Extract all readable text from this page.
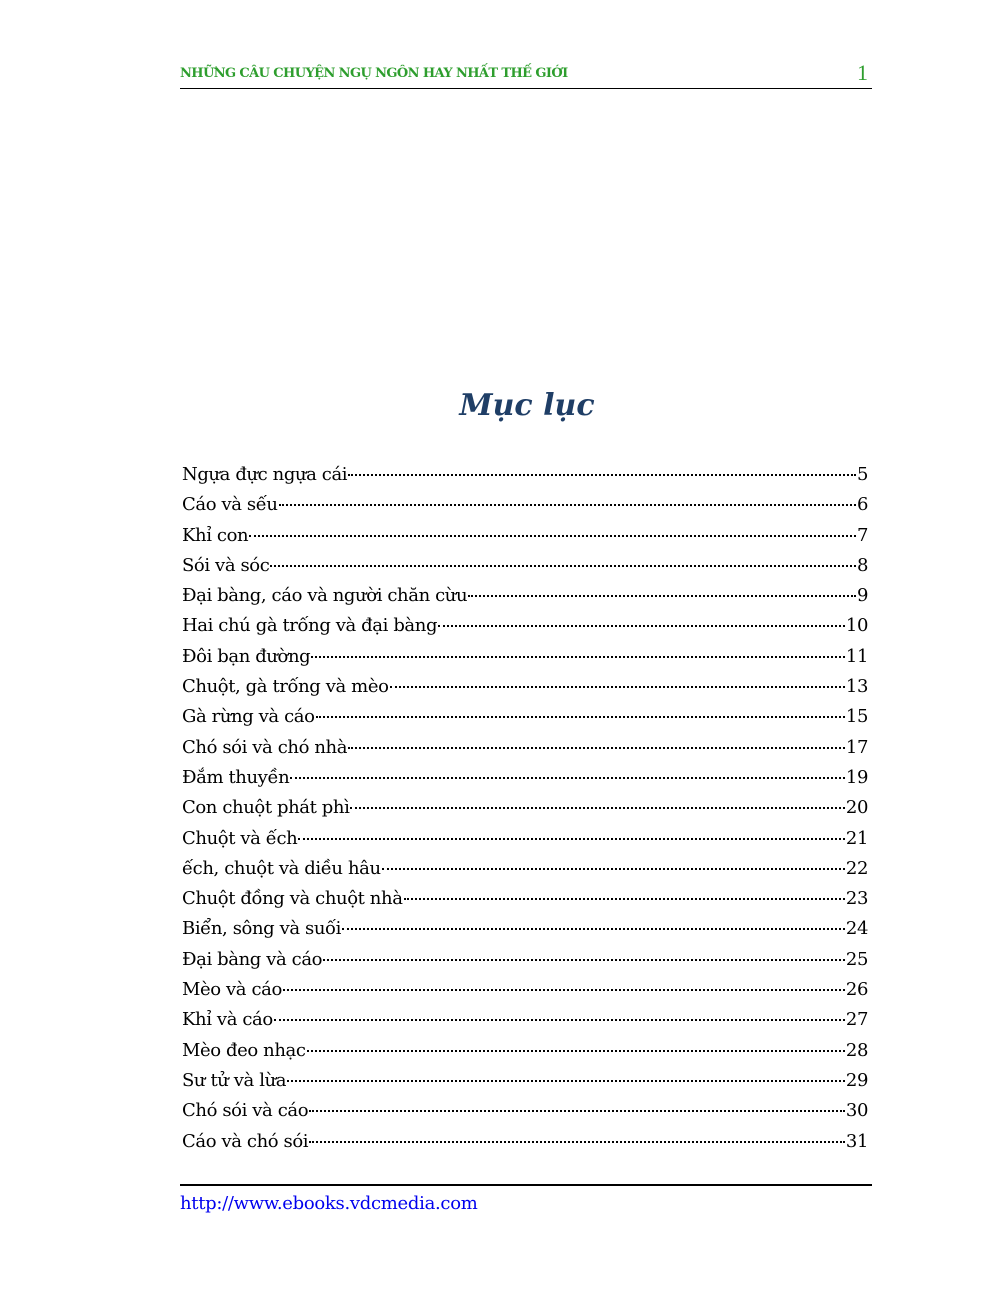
NHỮNG CÂU CHUYỆN NGỤ NGÔN HAY NHẤT THẾ GIỚI	1
Mục lục
Ngựa đực ngựa cái	5
Cáo và sếu	6
Khỉ con	7
Sói và sóc	8
Đại bàng, cáo và người chăn cừu	9
Hai chú gà trống và đại bàng	10
Đôi bạn đường	11
Chuột, gà trống và mèo	13
Gà rừng và cáo	15
Chó sói và chó nhà	17
Đắm thuyền	19
Con chuột phát phì	20
Chuột và ếch	21
ếch, chuột và diều hâu	22
Chuột đồng và chuột nhà	23
Biển, sông và suối	24
Đại bàng và cáo	25
Mèo và cáo	26
Khỉ và cáo	27
Mèo đeo nhạc	28
Sư tử và lừa	29
Chó sói và cáo	30
Cáo và chó sói	31
http://www.ebooks.vdcmedia.com
